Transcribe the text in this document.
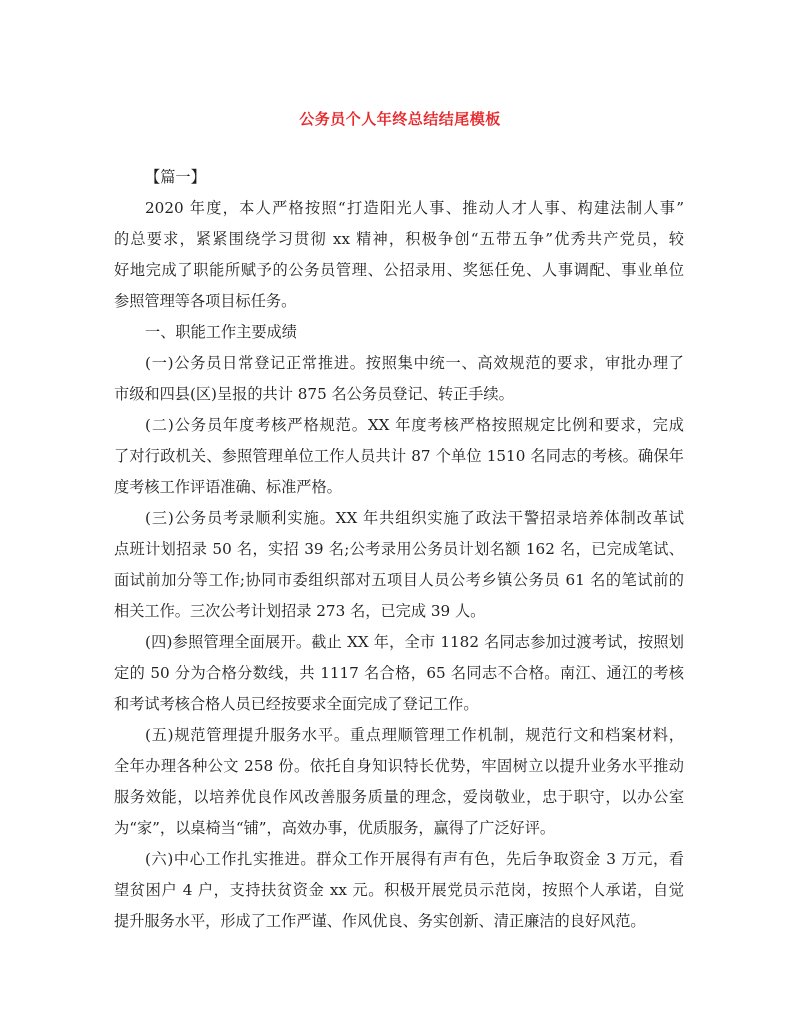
公务员个人年终总结结尾模板
【篇一】
2020 年度，本人严格按照“打造阳光人事、推动人才人事、构建法制人事”
的总要求，紧紧围绕学习贯彻 xx 精神，积极争创“五带五争”优秀共产党员，较
好地完成了职能所赋予的公务员管理、公招录用、奖惩任免、人事调配、事业单位
参照管理等各项目标任务。
一、职能工作主要成绩
(一)公务员日常登记正常推进。按照集中统一、高效规范的要求，审批办理了
市级和四县(区)呈报的共计 875 名公务员登记、转正手续。
(二)公务员年度考核严格规范。XX 年度考核严格按照规定比例和要求，完成
了对行政机关、参照管理单位工作人员共计 87 个单位 1510 名同志的考核。确保年
度考核工作评语准确、标准严格。
(三)公务员考录顺利实施。XX 年共组织实施了政法干警招录培养体制改革试
点班计划招录 50 名，实招 39 名;公考录用公务员计划名额 162 名，已完成笔试、
面试前加分等工作;协同市委组织部对五项目人员公考乡镇公务员 61 名的笔试前的
相关工作。三次公考计划招录 273 名，已完成 39 人。
(四)参照管理全面展开。截止 XX 年，全市 1182 名同志参加过渡考试，按照划
定的 50 分为合格分数线，共 1117 名合格，65 名同志不合格。南江、通江的考核
和考试考核合格人员已经按要求全面完成了登记工作。
(五)规范管理提升服务水平。重点理顺管理工作机制，规范行文和档案材料，
全年办理各种公文 258 份。依托自身知识特长优势，牢固树立以提升业务水平推动
服务效能，以培养优良作风改善服务质量的理念，爱岗敬业，忠于职守，以办公室
为“家”，以桌椅当“铺”，高效办事，优质服务，赢得了广泛好评。
(六)中心工作扎实推进。群众工作开展得有声有色，先后争取资金 3 万元，看
望贫困户 4 户，支持扶贫资金 xx 元。积极开展党员示范岗，按照个人承诺，自觉
提升服务水平，形成了工作严谨、作风优良、务实创新、清正廉洁的良好风范。
